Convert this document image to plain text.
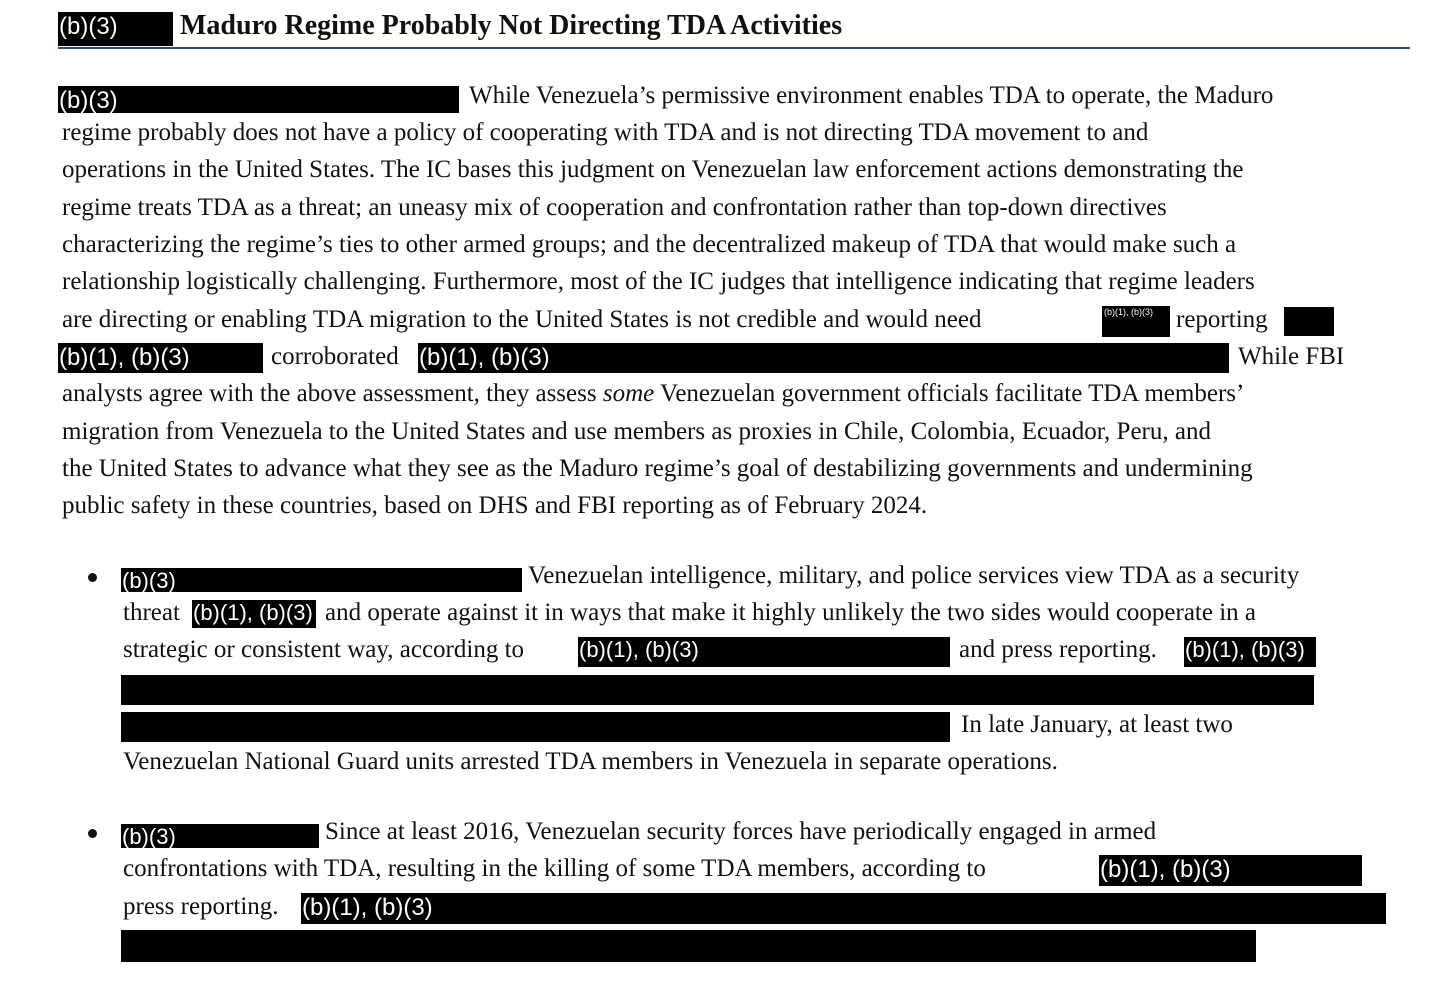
(b)(3)	Maduro Regime Probably Not Directing TDA Activities
(b)(3)	While Venezuela’s permissive environment enables TDA to operate, the Maduro
regime probably does not have a policy of cooperating with TDA and is not directing TDA movement to and
operations in the United States. The IC bases this judgment on Venezuelan law enforcement actions demonstrating the
regime treats TDA as a threat; an uneasy mix of cooperation and confrontation rather than top-down directives
characterizing the regime’s ties to other armed groups; and the decentralized makeup of TDA that would make such a
relationship logistically challenging. Furthermore, most of the IC judges that intelligence indicating that regime leaders
are directing or enabling TDA migration to the United States is not credible and would need	(b)(1), (b)(3) reporting
(b)(1), (b)(3)	corroborated (b)(1), (b)(3)	While FBI
analysts agree with the above assessment, they assess some Venezuelan government officials facilitate TDA members’
migration from Venezuela to the United States and use members as proxies in Chile, Colombia, Ecuador, Peru, and
the United States to advance what they see as the Maduro regime’s goal of destabilizing governments and undermining
public safety in these countries, based on DHS and FBI reporting as of February 2024.
(b)(3)	Venezuelan intelligence, military, and police services view TDA as a security
threat (b)(1), (b)(3) and operate against it in ways that make it highly unlikely the two sides would cooperate in a
strategic or consistent way, according to (b)(1), (b)(3)	and press reporting. (b)(1), (b)(3)
In late January, at least two
Venezuelan National Guard units arrested TDA members in Venezuela in separate operations.
(b)(3)	Since at least 2016, Venezuelan security forces have periodically engaged in armed
confrontations with TDA, resulting in the killing of some TDA members, according to	(b)(1), (b)(3)
press reporting. (b)(1), (b)(3)
